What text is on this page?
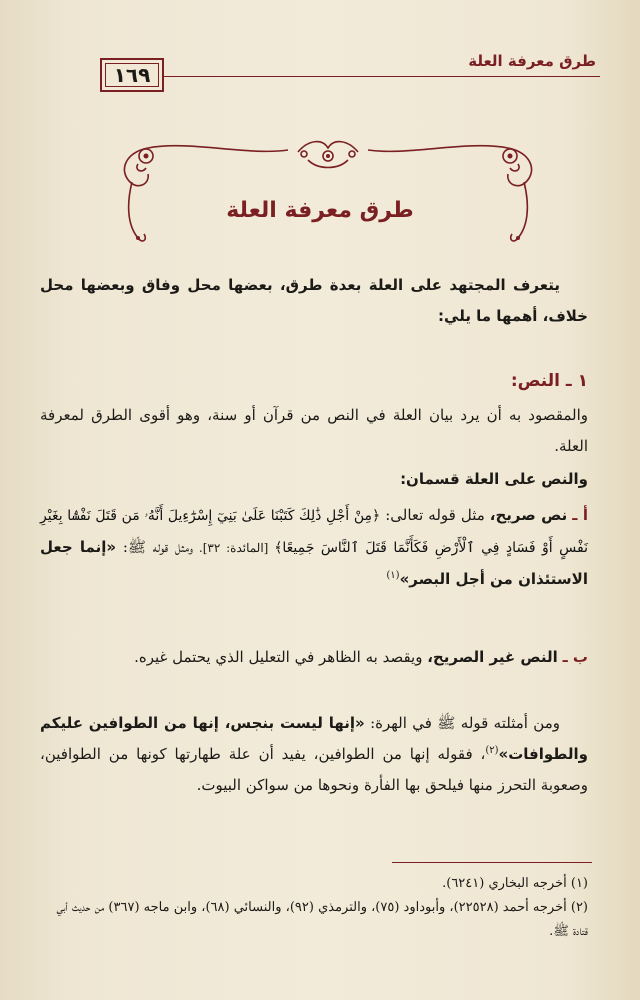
طرق معرفة العلة
١٦٩
طرق معرفة العلة

يتعرف المجتهد على العلة بعدة طرق، بعضها محل وفاق وبعضها محل خلاف، أهمها ما يلي:

١ ـ النص:

والمقصود به أن يرد بيان العلة في النص من قرآن أو سنة، وهو أقوى الطرق لمعرفة العلة.

والنص على العلة قسمان:

أ ـ نص صريح، مثل قوله تعالى: ﴿مِنْ أَجْلِ ذَٰلِكَ كَتَبْنَا عَلَىٰ بَنِيٓ إِسْرَٰٓءِيلَ أَنَّهُۥ مَن قَتَلَ نَفْسًۢا بِغَيْرِ نَفْسٍ أَوْ فَسَادٍ فِي ٱلْأَرْضِ فَكَأَنَّمَا قَتَلَ ٱلنَّاسَ جَمِيعًا﴾ [المائدة: ٣٢]. ومثل قوله ﷺ: «إنما جعل الاستئذان من أجل البصر»$^{(١)}$

ب ـ النص غير الصريح، ويقصد به الظاهر في التعليل الذي يحتمل غيره.

ومن أمثلته قوله ﷺ في الهرة: «إنها ليست بنجس، إنها من الطوافين عليكم والطوافات»$^{(٢)}$، فقوله إنها من الطوافين، يفيد أن علة طهارتها كونها من الطوافين، وصعوبة التحرز منها فيلحق بها الفأرة ونحوها من سواكن البيوت.

(١) أخرجه البخاري (٦٢٤١).

(٢) أخرجه أحمد (٢٢٥٢٨)، وأبوداود (٧٥)، والترمذي (٩٢)، والنسائي (٦٨)، وابن ماجه (٣٦٧) من حديث أبي قتادة ﷺ.
